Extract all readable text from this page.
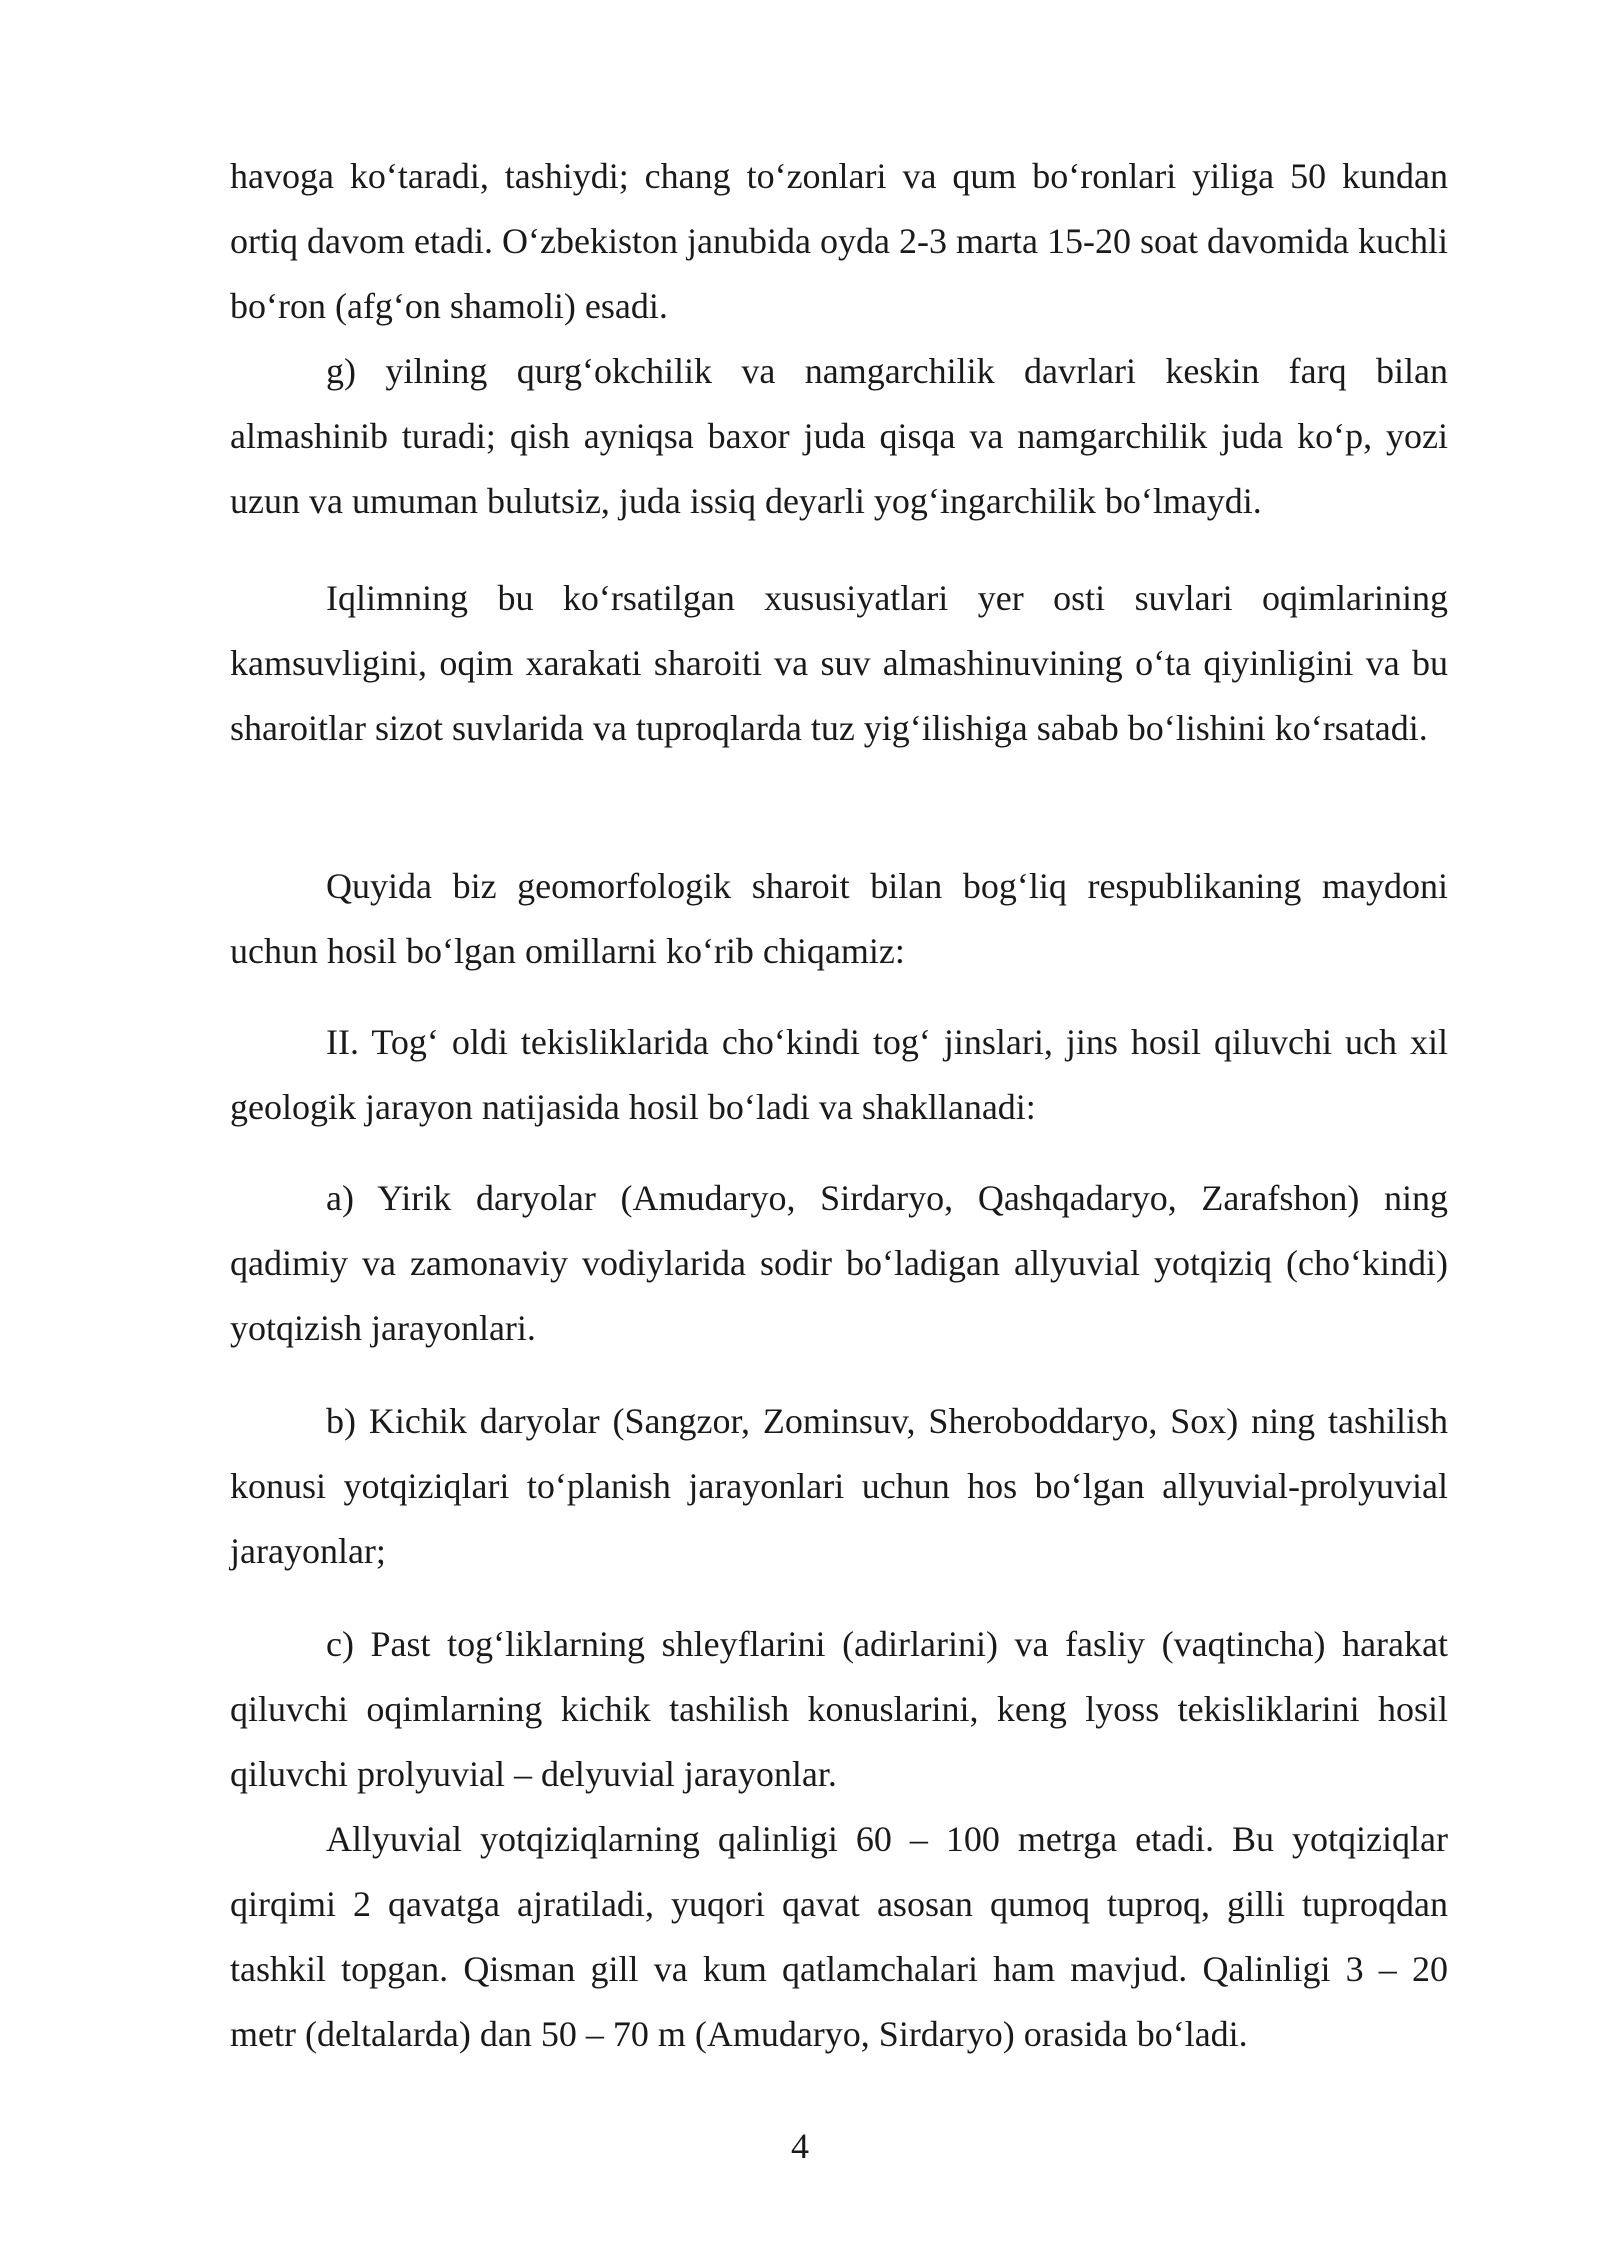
havoga ko‘taradi, tashiydi; chang to‘zonlari va qum bo‘ronlari yiliga 50 kundan ortiq davom etadi. O‘zbekiston janubida oyda 2-3 marta 15-20 soat davomida kuchli bo‘ron (afg‘on shamoli) esadi.

g) yilning qurg‘okchilik va namgarchilik davrlari keskin farq bilan almashinib turadi; qish ayniqsa baxor juda qisqa va namgarchilik juda ko‘p, yozi uzun va umuman bulutsiz, juda issiq deyarli yog‘ingarchilik bo‘lmaydi.

Iqlimning bu ko‘rsatilgan xususiyatlari yer osti suvlari oqimlarining kamsuvligini, oqim xarakati sharoiti va suv almashinuvining o‘ta qiyinligini va bu sharoitlar sizot suvlarida va tuproqlarda tuz yig‘ilishiga sabab bo‘lishini ko‘rsatadi.

Quyida biz geomorfologik sharoit bilan bog‘liq respublikaning maydoni uchun hosil bo‘lgan omillarni ko‘rib chiqamiz:

II. Tog‘ oldi tekisliklarida cho‘kindi tog‘ jinslari, jins hosil qiluvchi uch xil geologik jarayon natijasida hosil bo‘ladi va shakllanadi:

a) Yirik daryolar (Amudaryo, Sirdaryo, Qashqadaryo, Zarafshon) ning qadimiy va zamonaviy vodiylarida sodir bo‘ladigan allyuvial yotqiziq (cho‘kindi) yotqizish jarayonlari.

b) Kichik daryolar (Sangzor, Zominsuv, Sheroboddaryo, Sox) ning tashilish konusi yotqiziqlari to‘planish jarayonlari uchun hos bo‘lgan allyuvial-prolyuvial jarayonlar;

c) Past tog‘liklarning shleyflarini (adirlarini) va fasliy (vaqtincha) harakat qiluvchi oqimlarning kichik tashilish konuslarini, keng lyoss tekisliklarini hosil qiluvchi prolyuvial – delyuvial jarayonlar.

Allyuvial yotqiziqlarning qalinligi 60 – 100 metrga etadi. Bu yotqiziqlar qirqimi 2 qavatga ajratiladi, yuqori qavat asosan qumoq tuproq, gilli tuproqdan tashkil topgan. Qisman gill va kum qatlamchalari ham mavjud. Qalinligi 3 – 20 metr (deltalarda) dan 50 – 70 m (Amudaryo, Sirdaryo) orasida bo‘ladi.

4
